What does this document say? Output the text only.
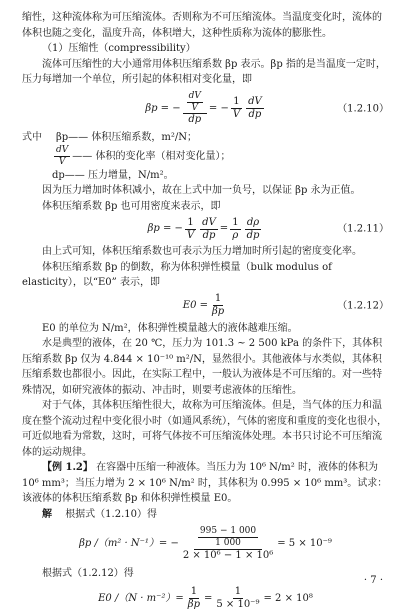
缩性，这种流体称为可压缩流体。否则称为不可压缩流体。当温度变化时，流体的体积也随之变化，温度升高，体积增大，这种性质称为流体的膨胀性。

（1）压缩性（compressibility）

流体可压缩性的大小通常用体积压缩系数 βp 表示。βp 指的是当温度一定时，压力每增加一个单位，所引起的体积相对变化量，即

βp = − $\frac{\frac{dV}{V}}{dp}$ = − $\frac{1}{V} \frac{dV}{dp}$	（1.2.10）
式中 βp—— 体积压缩系数，m²/N；
$\frac{dV}{V}$ —— 体积的变化率（相对变化量）；
dp—— 压力增量，N/m²。

因为压力增加时体积减小，故在上式中加一负号，以保证 βp 永为正值。

体积压缩系数 βp 也可用密度来表示，即

βp = − $\frac{1}{V} \frac{dV}{dp} = \frac{1}{\rho} \frac{d\rho}{dp}$	（1.2.11）

由上式可知，体积压缩系数也可表示为压力增加时所引起的密度变化率。

体积压缩系数 βp 的倒数，称为体积弹性模量（bulk modulus of elasticity），以“E0” 表示，即

$E0 = \frac{1}{\beta p}$	（1.2.12）

E0 的单位为 N/m²，体积弹性模量越大的液体越难压缩。

水是典型的液体，在 20 ℃，压力为 101.3 ~ 2 500 kPa 的条件下，其体积压缩系数 βp 仅为 4.844 × 10⁻¹⁰ m²/N，显然很小。其他液体与水类似，其体积压缩系数也都很小。因此，在实际工程中，一般认为液体是不可压缩的。对一些特殊情况，如研究液体的振动、冲击时，则要考虑液体的压缩性。

对于气体，其体积压缩性很大，故称为可压缩流体。但是，当气体的压力和温度在整个流动过程中变化很小时（如通风系统），气体的密度和重度的变化也很小，可近似地看为常数，这时，可将气体按不可压缩流体处理。本书只讨论不可压缩流体的运动规律。

【例 1.2】 在容器中压缩一种液体。当压力为 10⁶ N/m² 时，液体的体积为 10⁶ mm³；当压力增为 2 × 10⁶ N/m² 时，其体积为 0.995 × 10⁶ mm³。试求：该液体的体积压缩系数 βp 和体积弹性模量 E0。

解 根据式（1.2.10）得

βp $/(m^2 \cdot N^{-1})= - \frac{\frac{995 - 1 000}{1 000}}{\text{2 × 10⁶ − 1 × 10⁶}} = 5 \times 10^{-9}$

根据式（1.2.12）得

E0 $/(N \cdot m^{-2})= \frac{1}{\beta p} = \frac{1}{\text{5 × 10⁻⁹}} = 2 \times 10^8$
· 7 ·
